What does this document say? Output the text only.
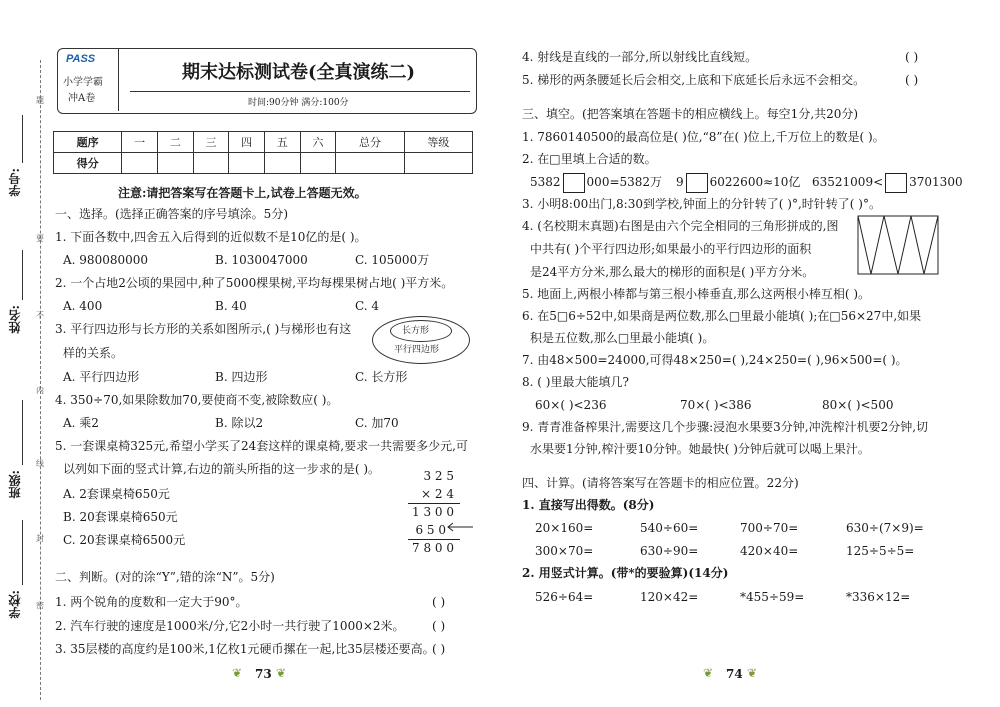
学号:
姓名:
班级:
学校:
题
要
不
内
线
封
密
PASS
小学学霸
冲A卷
期末达标测试卷(全真演练二)
时间:90分钟 满分:100分
题序	一	二	三	四	五	六	总分	等级
得分								
注意:请把答案写在答题卡上,试卷上答题无效。
一、选择。(选择正确答案的序号填涂。5分)
1. 下面各数中,四舍五入后得到的近似数不是10亿的是( )。
A. 980080000	B. 1030047000	C. 105000万
2. 一个占地2公顷的果园中,种了5000棵果树,平均每棵果树占地( )平方米。
A. 400	B. 40	C. 4
3. 平行四边形与长方形的关系如图所示,( )与梯形也有这
样的关系。
长方形
平行四边形
A. 平行四边形	B. 四边形	C. 长方形
4. 350÷70,如果除数加70,要使商不变,被除数应( )。
A. 乘2	B. 除以2	C. 加70
5. 一套课桌椅325元,希望小学买了24套这样的课桌椅,要求一共需要多少元,可
以列如下面的竖式计算,右边的箭头所指的这一步求的是( )。
A. 2套课桌椅650元
B. 20套课桌椅650元
C. 20套课桌椅6500元
3 2 5
× 2 4
1 3 0 0
6 5 0
7 8 0 0
二、判断。(对的涂“Y”,错的涂“N”。5分)
1. 两个锐角的度数和一定大于90°。	( )
2. 汽车行驶的速度是1000米/分,它2小时一共行驶了1000×2米。 ( )
3. 35层楼的高度约是100米,1亿枚1元硬币摞在一起,比35层楼还要高。
( )
❦ 73 ❦
4. 射线是直线的一部分,所以射线比直线短。	( )
5. 梯形的两条腰延长后会相交,上底和下底延长后永远不会相交。	( )
三、填空。(把答案填在答题卡的相应横线上。每空1分,共20分)
1. 7860140500的最高位是( )位,“8”在( )位上,千万位上的数是( )。
2. 在□里填上合适的数。
5382 000=5382万 9 6022600≈10亿 63521009< 3701300
3. 小明8:00出门,8:30到学校,钟面上的分针转了( )°,时针转了( )°。
4. (名校期末真题)右图是由六个完全相同的三角形拼成的,图
中共有( )个平行四边形;如果最小的平行四边形的面积
是24平方分米,那么最大的梯形的面积是( )平方分米。
5. 地面上,两根小棒都与第三根小棒垂直,那么这两根小棒互相( )。
6. 在5□6÷52中,如果商是两位数,那么□里最小能填( );在□56×27中,如果
积是五位数,那么□里最小能填( )。
7. 由48×500=24000,可得48×250=( ),24×250=( ),96×500=( )。
8. ( )里最大能填几?
60×( )<236	70×( )<386	80×( )<500
9. 青青准备榨果汁,需要这几个步骤:浸泡水果要3分钟,冲洗榨汁机要2分钟,切
水果要1分钟,榨汁要10分钟。她最快( )分钟后就可以喝上果汁。
四、计算。(请将答案写在答题卡的相应位置。22分)
1. 直接写出得数。(8分)
20×160=	540÷60=	700÷70=	630÷(7×9)=
300×70=	630÷90=	420×40=	125÷5÷5=
2. 用竖式计算。(带*的要验算)(14分)
526÷64=	120×42=	*455÷59=	*336×12=
❦ 74 ❦
